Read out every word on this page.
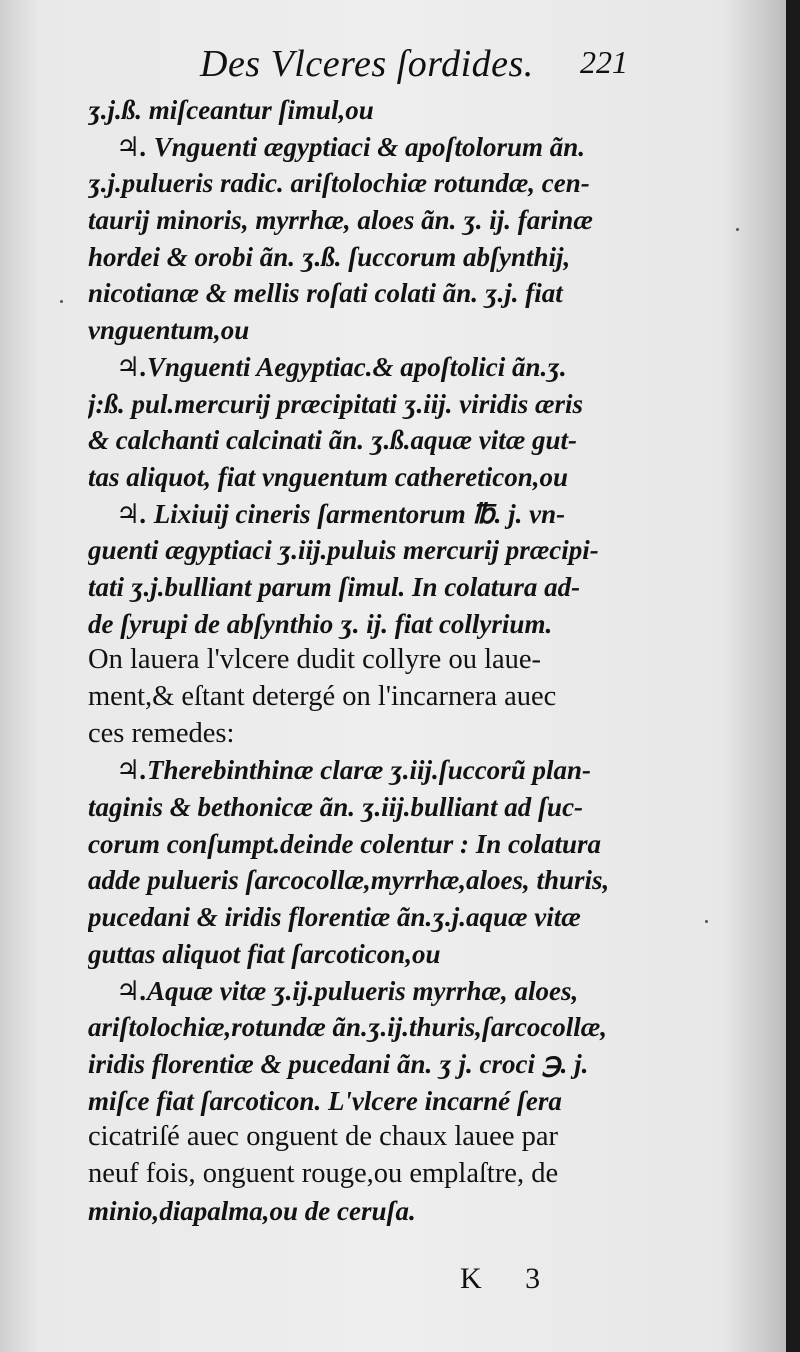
Des Vlceres ſordides. 221
ʒ.j.ß. miſceantur ſimul,ou
♃. Vnguenti ægyptiaci & apoſtolorum ãn.
ʒ.j.pulueris radic. ariſtolochiæ rotundæ, cen-
taurij minoris, myrrhæ, aloes ãn. ʒ. ij. farinæ
hordei & orobi ãn. ʒ.ß. ſuccorum abſynthij,
nicotianæ & mellis roſati colati ãn. ʒ.j. fiat
vnguentum,ou
♃.Vnguenti Aegyptiac.& apoſtolici ãn.ʒ.
j:ß. pul.mercurij præcipitati ʒ.iij. viridis æris
& calchanti calcinati ãn. ʒ.ß.aquæ vitæ gut-
tas aliquot, fiat vnguentum cathereticon,ou
♃. Lixiuij cineris ſarmentorum ℔. j. vn-
guenti ægyptiaci ʒ.iij.puluis mercurij præcipi-
tati ʒ.j.bulliant parum ſimul. In colatura ad-
de ſyrupi de abſynthio ʒ. ij. fiat collyrium.
On lauera l'vlcere dudit collyre ou laue-
ment,& eſtant detergé on l'incarnera auec
ces remedes:
♃.Therebinthinæ claræ ʒ.iij.ſuccorũ plan-
taginis & bethonicæ ãn. ʒ.iij.bulliant ad ſuc-
corum conſumpt.deinde colentur : In colatura
adde pulueris ſarcocollæ,myrrhæ,aloes, thuris,
pucedani & iridis florentiæ ãn.ʒ.j.aquæ vitæ
guttas aliquot fiat ſarcoticon,ou
♃.Aquæ vitæ ʒ.ij.pulueris myrrhæ, aloes,
ariſtolochiæ,rotundæ ãn.ʒ.ij.thuris,ſarcocollæ,
iridis florentiæ & pucedani ãn. ʒ j. croci ℈. j.
miſce fiat ſarcoticon. L'vlcere incarné ſera
cicatriſé auec onguent de chaux lauee par
neuf fois, onguent rouge,ou emplaſtre, de
minio,diapalma,ou de ceruſa.
K 3
